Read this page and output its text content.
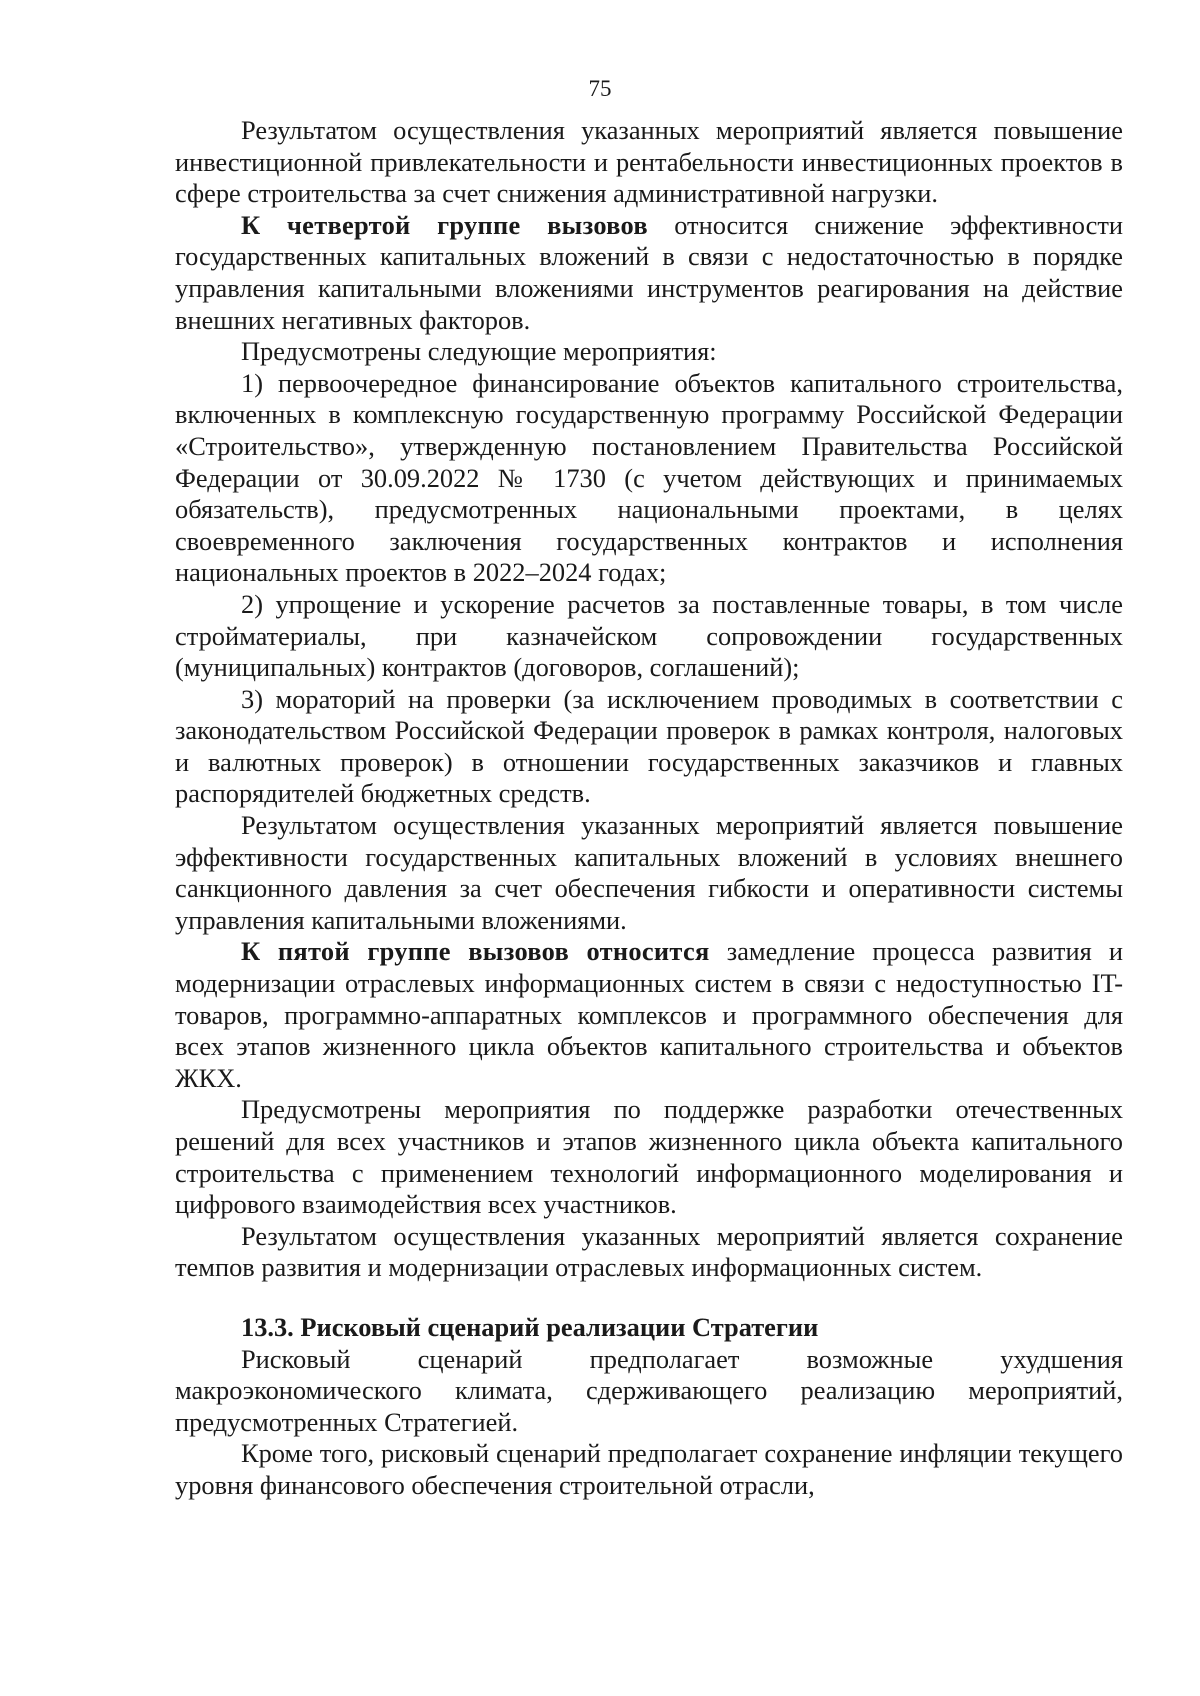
75

Результатом осуществления указанных мероприятий является повышение инвестиционной привлекательности и рентабельности инвестиционных проектов в сфере строительства за счет снижения административной нагрузки.

К четвертой группе вызовов относится снижение эффективности государственных капитальных вложений в связи с недостаточностью в порядке управления капитальными вложениями инструментов реагирования на действие внешних негативных факторов.

Предусмотрены следующие мероприятия:

1) первоочередное финансирование объектов капитального строительства, включенных в комплексную государственную программу Российской Федерации «Строительство», утвержденную постановлением Правительства Российской Федерации от 30.09.2022 № 1730 (с учетом действующих и принимаемых обязательств), предусмотренных национальными проектами, в целях своевременного заключения государственных контрактов и исполнения национальных проектов в 2022–2024 годах;

2) упрощение и ускорение расчетов за поставленные товары, в том числе стройматериалы, при казначейском сопровождении государственных (муниципальных) контрактов (договоров, соглашений);

3) мораторий на проверки (за исключением проводимых в соответствии с законодательством Российской Федерации проверок в рамках контроля, налоговых и валютных проверок) в отношении государственных заказчиков и главных распорядителей бюджетных средств.

Результатом осуществления указанных мероприятий является повышение эффективности государственных капитальных вложений в условиях внешнего санкционного давления за счет обеспечения гибкости и оперативности системы управления капитальными вложениями.

К пятой группе вызовов относится замедление процесса развития и модернизации отраслевых информационных систем в связи с недоступностью IT-товаров, программно-аппаратных комплексов и программного обеспечения для всех этапов жизненного цикла объектов капитального строительства и объектов ЖКХ.

Предусмотрены мероприятия по поддержке разработки отечественных решений для всех участников и этапов жизненного цикла объекта капитального строительства с применением технологий информационного моделирования и цифрового взаимодействия всех участников.

Результатом осуществления указанных мероприятий является сохранение темпов развития и модернизации отраслевых информационных систем.

13.3. Рисковый сценарий реализации Стратегии

Рисковый сценарий предполагает возможные ухудшения макроэкономического климата, сдерживающего реализацию мероприятий, предусмотренных Стратегией.

Кроме того, рисковый сценарий предполагает сохранение инфляции текущего уровня финансового обеспечения строительной отрасли,
